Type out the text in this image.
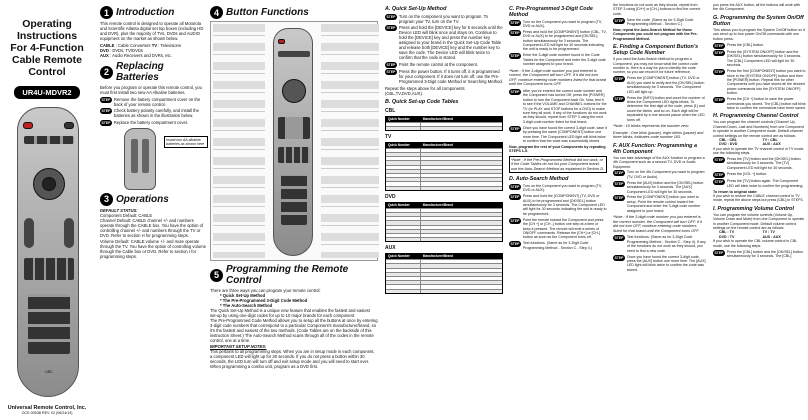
Operating Instructions
For 4-Function
Cable Remote Control
UR4U-MDVR2
URC
Universal Remote Control, Inc.
OCE-0053B REV. 02 (06/24/14)
1 Introduction
This remote control is designed to operate all Motorola and Scientific Atlanta digital set top boxes (including HD and DVR), plus the majority of TVs, DVDs and AUDIO equipment on the market as shown below.
CABLE : Cable Converters TV : Televisions
DVD : DVDs, TV/DVDs
AUX : Audio Receivers and DVRs, etc.
2 Replacing Batteries
Before you program or operate this remote control, you must first install two new AA Alkaline batteries.
STEP Remove the battery compartment cover on the back of your remote control.
STEP Check battery polarity carefully, and install the batteries as shown in the illustration below.
STEP Replace the battery compartment cover.
Install two AA alkaline batteries as shown here
3 Operations
DEFAULT STATUS:
Component Default: CABLE
Channel Default: CABLE channel +/- and numbers operate through the CABLE box. You have the option of controlling channel +/- and numbers through the TV or DVD. Refer to section H for programming steps.
Volume Default: CABLE volume +/- and mute operate through the TV. You have the option of controlling volume through the Cable box or DVD. Refer to section I for programming steps.
4 Button Functions
5 Programming the Remote Control
There are three ways you can program your remote control:
* Quick Set-Up Method
* The Pre-Programmed 3-Digit Code Method
* The Auto-Search Method
The Quick Set-Up Method is a unique new feature that enables the fastest and easiest set-up by using one-digit codes for up to 10 major brands for each component.
The Pre-Programmed Code Method allows you to setup all the buttons at once by entering 3-digit code numbers that correspond to a particular Component's manufacturer/brand, so it's the fastest and easiest of the two methods. (Code Tables are on the backside of this instruction Sheet.) The Auto-Search Method scans through all of the codes in the remote control, one at a time.
IMPORTANT SETUP NOTES:
This pertains to all programming steps. When you are in setup mode in each component, a component LED will light up for 30 seconds. If you do not press a button within 30 seconds, the LED turn will turn off and exit setup mode and you will need to start over.
When programming a combo unit, program as a DVD first.
A. Quick Set-Up Method
STEP Turn on the component you want to program. To program your TV, turn on the TV.
STEP Press and hold the [DEVICE] key for 5 seconds until the Device LED will blink once and stays on. Continue to hold the [DEVICE] key and press the number key assigned to your brand in the Quick Set-Up Code Table and release both [DEVICE] key and the number key to save the code. The Device LED will blink twice to confirm that the code is stored.
STEP Point the remote control at the component.
STEP Press the power button. If it turns off, it is programmed for your component. If it does not turn off, use the Pre-Programmed 3-Digit code Method or Searching Method.
Repeat the steps above for all components (CBL,TV,DVD,AUX).
B. Quick Set-up Code Tables
CBL
Quick Number	Manufacturer/Brand
TV
Quick Number	Manufacturer/Brand
DVD
Quick Number	Manufacturer/Brand
AUX
Quick Number	Manufacturer/Brand
C. Pre-Programmed 3-Digit Code Method
STEP Turn on the Component you want to program (TV, DVD or AUX).
STEP Press and hold the [COMPONENT] button (CBL, TV, DVD or AUX) to be programmed and [OK/SEL] button simultaneously for 3 seconds. The Component LED will light for 30 seconds indicating the unit is ready to be programmed.
STEP Enter the 3-digit code number found in the Code Tables for the Component and enter the 3-digit code number assigned to your brand.
*Note : If the 3-digit code number you just entered is correct, the Component will turn OFF. If it did not turn OFF, continue entering code numbers listed for that brand until the Component turns OFF.
STEP After you've entered the correct code number and the Component has turned Off, press the [POWER] button to turn the Component back On. Now, test it to see if the VOLUME and CHANNEL buttons for the TV (or PLAY and STOP buttons for a DVD) to make sure they all work. If any of the functions do not work as they should, repeat from STEP 3 using the next 3-digit code number listed for that brand.
STEP Once you have found the correct 3-digit code, save it by pressing the same [COMPONENT] button one more time. The Component LED light will blink twice to confirm that the code was successfully stored.
Now, program the rest of your Components by repeating STEPS 1-5.
*Note : If the Pre-Programmed Method did not work, or if the Code Tables do not list your Component brand, use the Auto-Search Method as explained in Section D.
D. Auto-Search Method
STEP Turn on the Component you want to program (TV, DVD or AUX).
STEP Press and hold the [COMPONENT] (TV, DVD or AUX) to be programmed and [OK/SEL] button simultaneously for 3 seconds. The Component LED will light for 30 seconds indicating the unit is ready to be programmed.
STEP Point the remote toward the Component and press the [CH +] or [CH -] button one step at a time or keep it pressed. The remote will emit a series of ON/OFF commands. Release the [CH+] or [CH-] button as soon as the Component turns off.
STEP Test functions. (Same as for 3-Digit Code Programming Method - Section C - Step 4.)
the functions do not work as they should, repeat from STEP 3 using [CH+] or [CH-] buttons to find the correct code.
STEP Save the code. (Same as for 3-Digit Code Programming Method - Section C.)
Now, repeat the Auto-Search Method for those Components you could not program with the Pre-Programmed Method.
E. Finding a Component Button's Setup Code Number
If you used the Auto-Search Method to program a Component, you may not know what the correct code number is. Here is a way for you to identify the code number, so you can record it for future reference.
STEP Press the [COMPONENT] button (TV, DVD or AUX) you want to verify and the [OK/SEL] button simultaneously for 3 seconds. The Component LED will light up.
STEP Press the [INFO] button and count the number of times the Component LED lights blinks. To determine the first digit of the code, press [1] and count the blinks, and so on. Each digit will be separated by a one second pause when the LED turns off.
*Note : 10 blinks represents the number zero.
Example : One blink (pause), eight blinks (pause) and three blinks, indicates code number 183.
F. AUX Function: Programming a 4th Component
You can take advantage of the AUX function to program a 4th Component such as a second TV, DVD or Audio Equipment.
STEP Turn on the 4th Component you want to program (TV, DVD or Audio).
STEP Press the [AUX] button and the [OK/SEL] button simultaneously for 3 seconds. The [AUX] Component LED will light for 30 seconds.
STEP Press the [COMPONENT] button you want to setup. Point the remote control toward the Component and enter the 3-digit code number assigned to your brand.
*Note : If the 3-digit code number you just entered is the correct number, the Component will turn OFF. If it did not turn OFF, continue entering code numbers listed for that brand until the Component turns OFF.
STEP Test functions. (Same as for 3-Digit Code Programming Method - Section C - Step 4). If any of the functions do not work as they should, you need to find a new code.
STEP Once you have found the correct 3-digit code, press the [AUX] button one more time. The [AUX] LED light will blink twice to confirm the code was stored.
you press the AUX button, all the buttons will work with the 4th Component.
G. Programming the System On/Off Button
This allows you to program the System On/Off button so it can send up to four power On/Off commands with one button press.
STEP Press the [CBL] button.
STEP Press the [SYSTEM ON/OFF] button and the [OK/SEL] button simultaneously for 3 seconds. The [CBL] Component LED will light for 30 seconds.
STEP Press the first [COMPONENT] button you want to store in the [SYSTEM ON/OFF] button and then the [POWER] button. Repeat this for other Components until you have stored all the desired power commands into the [SYSTEM ON/OFF] button.
STEP Press the [CH +] button to save the power commands you stored. The [CBL] button will blink twice to confirm the commands have been saved.
H. Programming Channel Control
You can program the channel controls (Channel Up, Channel Down, Last and Numbers) from one Component to operate in another Component mode. Default channel control settings on the remote control are as follows:
CBL : CBL	TV : CBL
DVD : DVD	AUX : AUX
If you wish to operate the TV channel control in TV mode, use the following steps.
STEP Press the [TV] button and the [OK/SEL] button simultaneously for 3 seconds. The [TV] Component LED will light for 30 seconds.
STEP Press the [VOL +] button.
STEP Press the [TV] button again. The Component LED will blink twice to confirm the programming.
To return to original state:
If you wish to restore the CABLE channel control in TV mode, repeat the above steps but press [CBL] in STEP3.
I. Programming Volume Control
You can program the volume controls (Volume Up, Volume Down and Mute) from one Component to operate in another Component mode. Default volume control settings on the remote control are as follows:
CBL : TV	TV : TV
DVD : TV	AUX : AUX
If you wish to operate the CBL volume control in CBL mode, use the following steps.
STEP Press the [CBL] button and the [OK/SEL] button simultaneously for 3 seconds. The [CBL]
